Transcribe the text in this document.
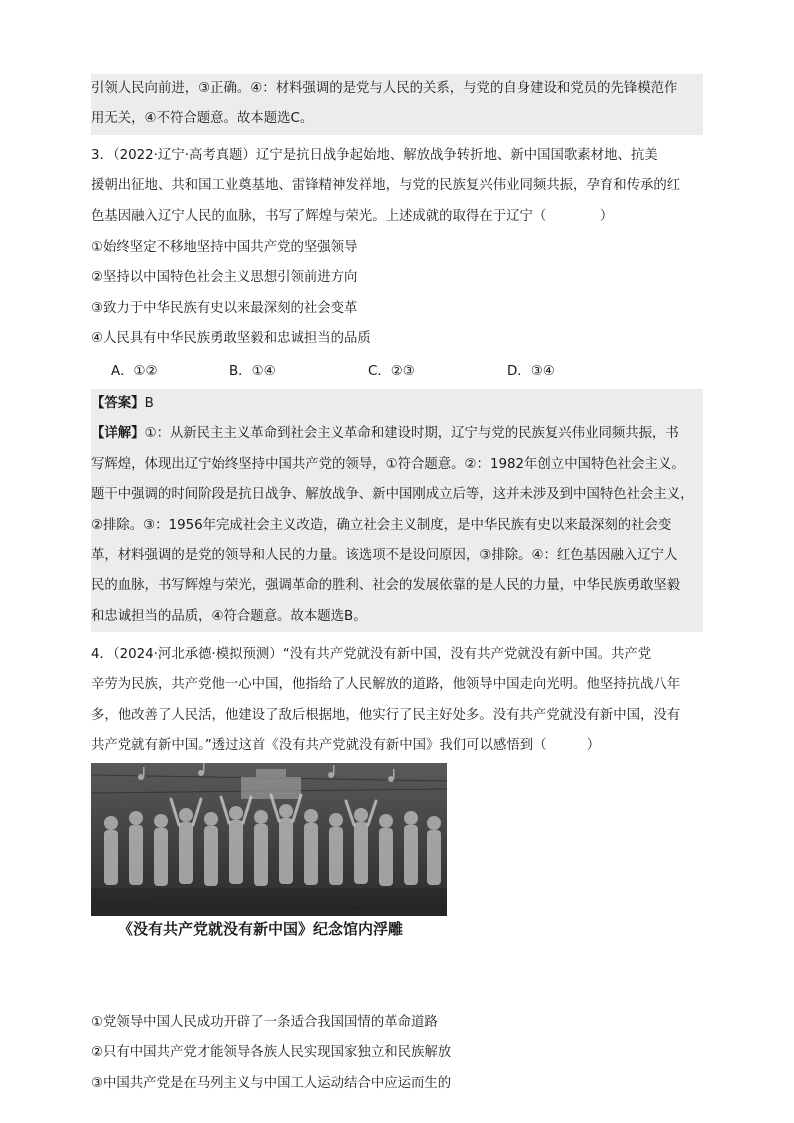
引领人民向前进，③正确。④：材料强调的是党与人民的关系，与党的自身建设和党员的先锋模范作
用无关，④不符合题意。故本题选C。
3．（2022·辽宁·高考真题）辽宁是抗日战争起始地、解放战争转折地、新中国国歌素材地、抗美
援朝出征地、共和国工业奠基地、雷锋精神发祥地，与党的民族复兴伟业同频共振，孕育和传承的红
色基因融入辽宁人民的血脉，书写了辉煌与荣光。上述成就的取得在于辽宁（　　　　）
①始终坚定不移地坚持中国共产党的坚强领导
②坚持以中国特色社会主义思想引领前进方向
③致力于中华民族有史以来最深刻的社会变革
④人民具有中华民族勇敢坚毅和忠诚担当的品质
A．①②	B．①④	C．②③	D．③④
【答案】B
【详解】①：从新民主主义革命到社会主义革命和建设时期，辽宁与党的民族复兴伟业同频共振，书
写辉煌，体现出辽宁始终坚持中国共产党的领导，①符合题意。②：1982年创立中国特色社会主义。
题干中强调的时间阶段是抗日战争、解放战争、新中国刚成立后等，这并未涉及到中国特色社会主义，
②排除。③：1956年完成社会主义改造，确立社会主义制度，是中华民族有史以来最深刻的社会变
革，材料强调的是党的领导和人民的力量。该选项不是设问原因，③排除。④：红色基因融入辽宁人
民的血脉，书写辉煌与荣光，强调革命的胜利、社会的发展依靠的是人民的力量，中华民族勇敢坚毅
和忠诚担当的品质，④符合题意。故本题选B。
4．（2024·河北承德·模拟预测）“没有共产党就没有新中国，没有共产党就没有新中国。共产党
辛劳为民族，共产党他一心中国，他指给了人民解放的道路，他领导中国走向光明。他坚持抗战八年
多，他改善了人民活，他建设了敌后根据地，他实行了民主好处多。没有共产党就没有新中国，没有
共产党就有新中国。”透过这首《没有共产党就没有新中国》我们可以感悟到（　　　）
《没有共产党就没有新中国》纪念馆内浮雕
①党领导中国人民成功开辟了一条适合我国国情的革命道路
②只有中国共产党才能领导各族人民实现国家独立和民族解放
③中国共产党是在马列主义与中国工人运动结合中应运而生的
